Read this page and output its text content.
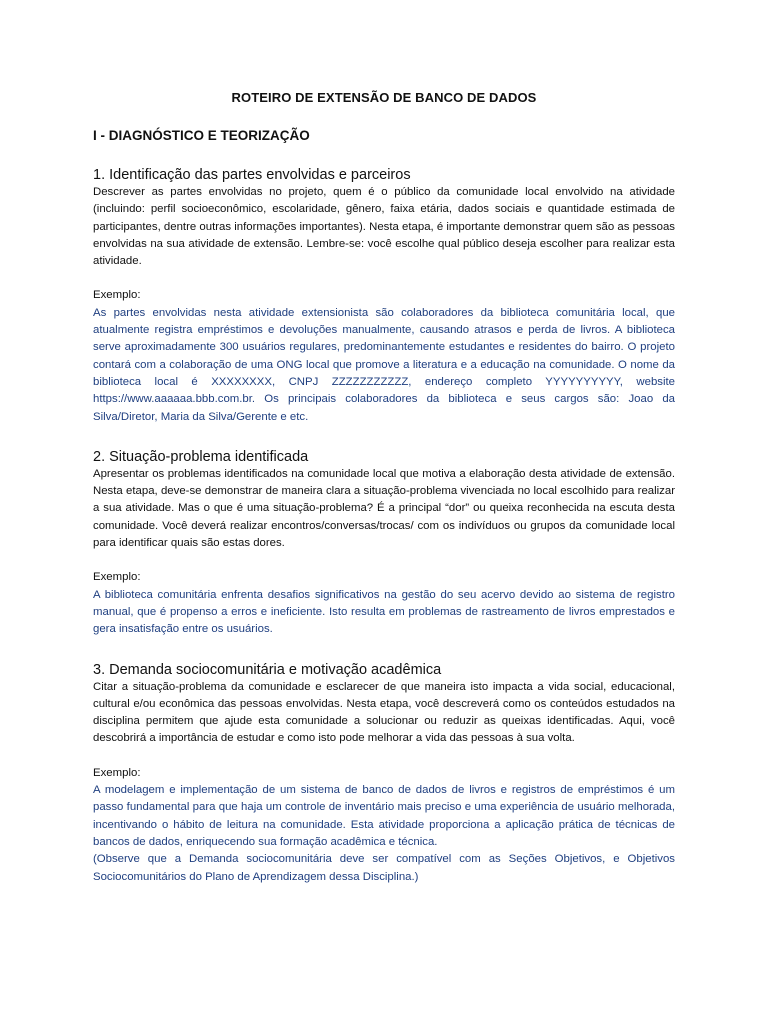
ROTEIRO DE EXTENSÃO DE BANCO DE DADOS
I - DIAGNÓSTICO E TEORIZAÇÃO
1. Identificação das partes envolvidas e parceiros

Descrever as partes envolvidas no projeto, quem é o público da comunidade local envolvido na atividade (incluindo: perfil socioeconômico, escolaridade, gênero, faixa etária, dados sociais e quantidade estimada de participantes, dentre outras informações importantes). Nesta etapa, é importante demonstrar quem são as pessoas envolvidas na sua atividade de extensão. Lembre-se: você escolhe qual público deseja escolher para realizar esta atividade.

Exemplo:

As partes envolvidas nesta atividade extensionista são colaboradores da biblioteca comunitária local, que atualmente registra empréstimos e devoluções manualmente, causando atrasos e perda de livros. A biblioteca serve aproximadamente 300 usuários regulares, predominantemente estudantes e residentes do bairro. O projeto contará com a colaboração de uma ONG local que promove a literatura e a educação na comunidade. O nome da biblioteca local é XXXXXXXX, CNPJ ZZZZZZZZZZZ, endereço completo YYYYYYYYYY, website https://www.aaaaaa.bbb.com.br. Os principais colaboradores da biblioteca e seus cargos são: Joao da Silva/Diretor, Maria da Silva/Gerente e etc.

2. Situação-problema identificada

Apresentar os problemas identificados na comunidade local que motiva a elaboração desta atividade de extensão. Nesta etapa, deve-se demonstrar de maneira clara a situação-problema vivenciada no local escolhido para realizar a sua atividade. Mas o que é uma situação-problema? É a principal “dor” ou queixa reconhecida na escuta desta comunidade. Você deverá realizar encontros/conversas/trocas/ com os indivíduos ou grupos da comunidade local para identificar quais são estas dores.

Exemplo:

A biblioteca comunitária enfrenta desafios significativos na gestão do seu acervo devido ao sistema de registro manual, que é propenso a erros e ineficiente. Isto resulta em problemas de rastreamento de livros emprestados e gera insatisfação entre os usuários.

3. Demanda sociocomunitária e motivação acadêmica

Citar a situação-problema da comunidade e esclarecer de que maneira isto impacta a vida social, educacional, cultural e/ou econômica das pessoas envolvidas. Nesta etapa, você descreverá como os conteúdos estudados na disciplina permitem que ajude esta comunidade a solucionar ou reduzir as queixas identificadas. Aqui, você descobrirá a importância de estudar e como isto pode melhorar a vida das pessoas à sua volta.

Exemplo:

A modelagem e implementação de um sistema de banco de dados de livros e registros de empréstimos é um passo fundamental para que haja um controle de inventário mais preciso e uma experiência de usuário melhorada, incentivando o hábito de leitura na comunidade. Esta atividade proporciona a aplicação prática de técnicas de bancos de dados, enriquecendo sua formação acadêmica e técnica.

(Observe que a Demanda sociocomunitária deve ser compatível com as Seções Objetivos, e Objetivos Sociocomunitários do Plano de Aprendizagem dessa Disciplina.)
